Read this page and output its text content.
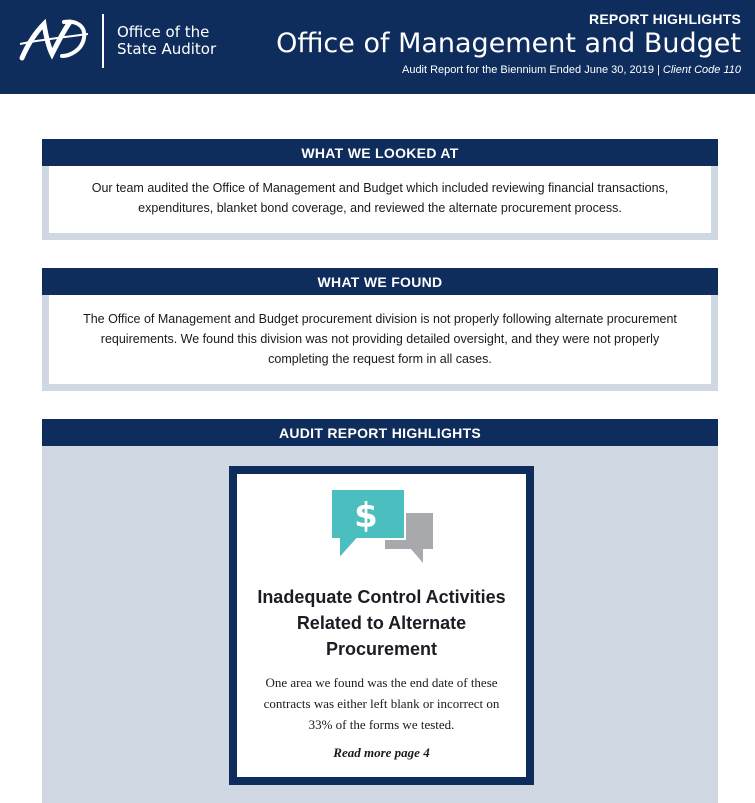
Office of the
State Auditor
REPORT HIGHLIGHTS
Office of Management and Budget
Audit Report for the Biennium Ended June 30, 2019 | Client Code 110
WHAT WE LOOKED AT

Our team audited the Office of Management and Budget which included reviewing financial transactions,

expenditures, blanket bond coverage, and reviewed the alternate procurement process.

WHAT WE FOUND

The Office of Management and Budget procurement division is not properly following alternate procurement

requirements. We found this division was not providing detailed oversight, and they were not properly

completing the request form in all cases.

AUDIT REPORT HIGHLIGHTS
$
Inadequate Control Activities
Related to Alternate
Procurement
One area we found was the end date of these
contracts was either left blank or incorrect on
33% of the forms we tested.
Read more page 4
